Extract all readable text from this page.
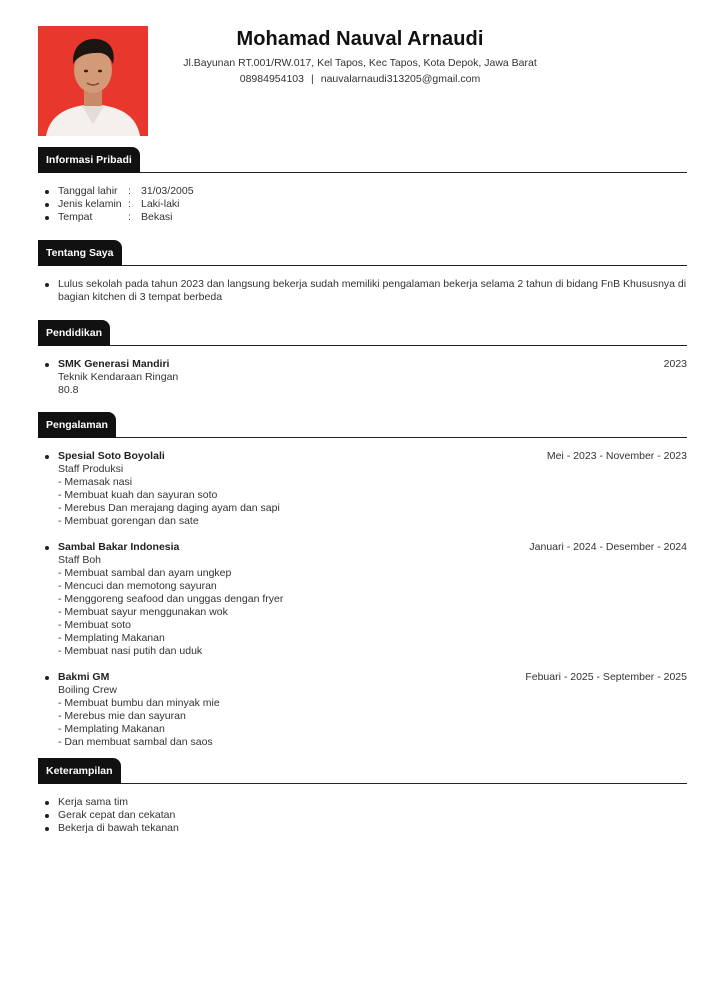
Mohamad Nauval Arnaudi
Jl.Bayunan RT.001/RW.017, Kel Tapos, Kec Tapos, Kota Depok, Jawa Barat
08984954103 | nauvalarnaudi313205@gmail.com
Informasi Pribadi
Tanggal lahir : 31/03/2005
Jenis kelamin : Laki-laki
Tempat	: Bekasi
Tentang Saya
Lulus sekolah pada tahun 2023 dan langsung bekerja sudah memiliki pengalaman bekerja selama 2 tahun di bidang FnB Khususnya di bagian kitchen di 3 tempat berbeda
Pendidikan
SMK Generasi Mandiri	2023
Teknik Kendaraan Ringan
80.8
Pengalaman
Spesial Soto Boyolali	Mei - 2023 - November - 2023
Staff Produksi
- Memasak nasi
- Membuat kuah dan sayuran soto
- Merebus Dan merajang daging ayam dan sapi
- Membuat gorengan dan sate
Sambal Bakar Indonesia	Januari - 2024 - Desember - 2024
Staff Boh
- Membuat sambal dan ayam ungkep
- Mencuci dan memotong sayuran
- Menggoreng seafood dan unggas dengan fryer
- Membuat sayur menggunakan wok
- Membuat soto
- Memplating Makanan
- Membuat nasi putih dan uduk
Bakmi GM	Febuari - 2025 - September - 2025
Boiling Crew
- Membuat bumbu dan minyak mie
- Merebus mie dan sayuran
- Memplating Makanan
- Dan membuat sambal dan saos
Keterampilan
Kerja sama tim
Gerak cepat dan cekatan
Bekerja di bawah tekanan
